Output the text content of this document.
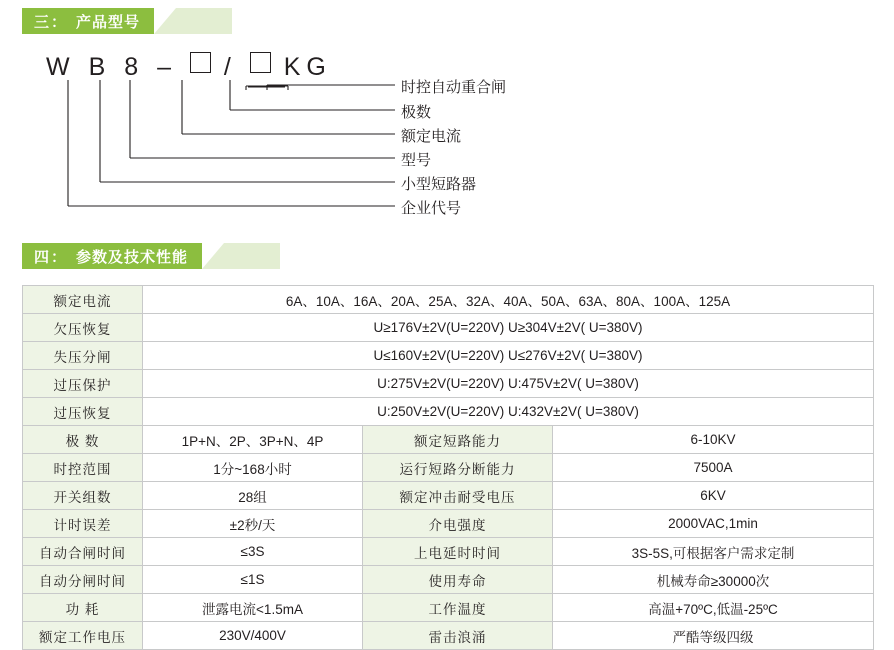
三： 产品型号
W B 8 – / KG
时控自动重合闸
极数
额定电流
型号
小型短路器
企业代号
四： 参数及技术性能
额定电流	6A、10A、16A、20A、25A、32A、40A、50A、63A、80A、100A、125A		
欠压恢复	U≥176V±2V(U=220V) U≥304V±2V( U=380V)		
失压分闸	U≤160V±2V(U=220V) U≤276V±2V( U=380V)		
过压保护	U:275V±2V(U=220V) U:475V±2V( U=380V)		
过压恢复	U:250V±2V(U=220V) U:432V±2V( U=380V)		
极 数	1P+N、2P、3P+N、4P	额定短路能力	6-10KV
时控范围	1分~168小时	运行短路分断能力	7500A
开关组数	28组	额定冲击耐受电压	6KV
计时误差	±2秒/天	介电强度	2000VAC,1min
自动合闸时间	≤3S	上电延时时间	3S-5S,可根据客户需求定制
自动分闸时间	≤1S	使用寿命	机械寿命≥30000次
功 耗	泄露电流<1.5mA	工作温度	高温+70ºC,低温-25ºC
额定工作电压	230V/400V	雷击浪涌	严酷等级四级
